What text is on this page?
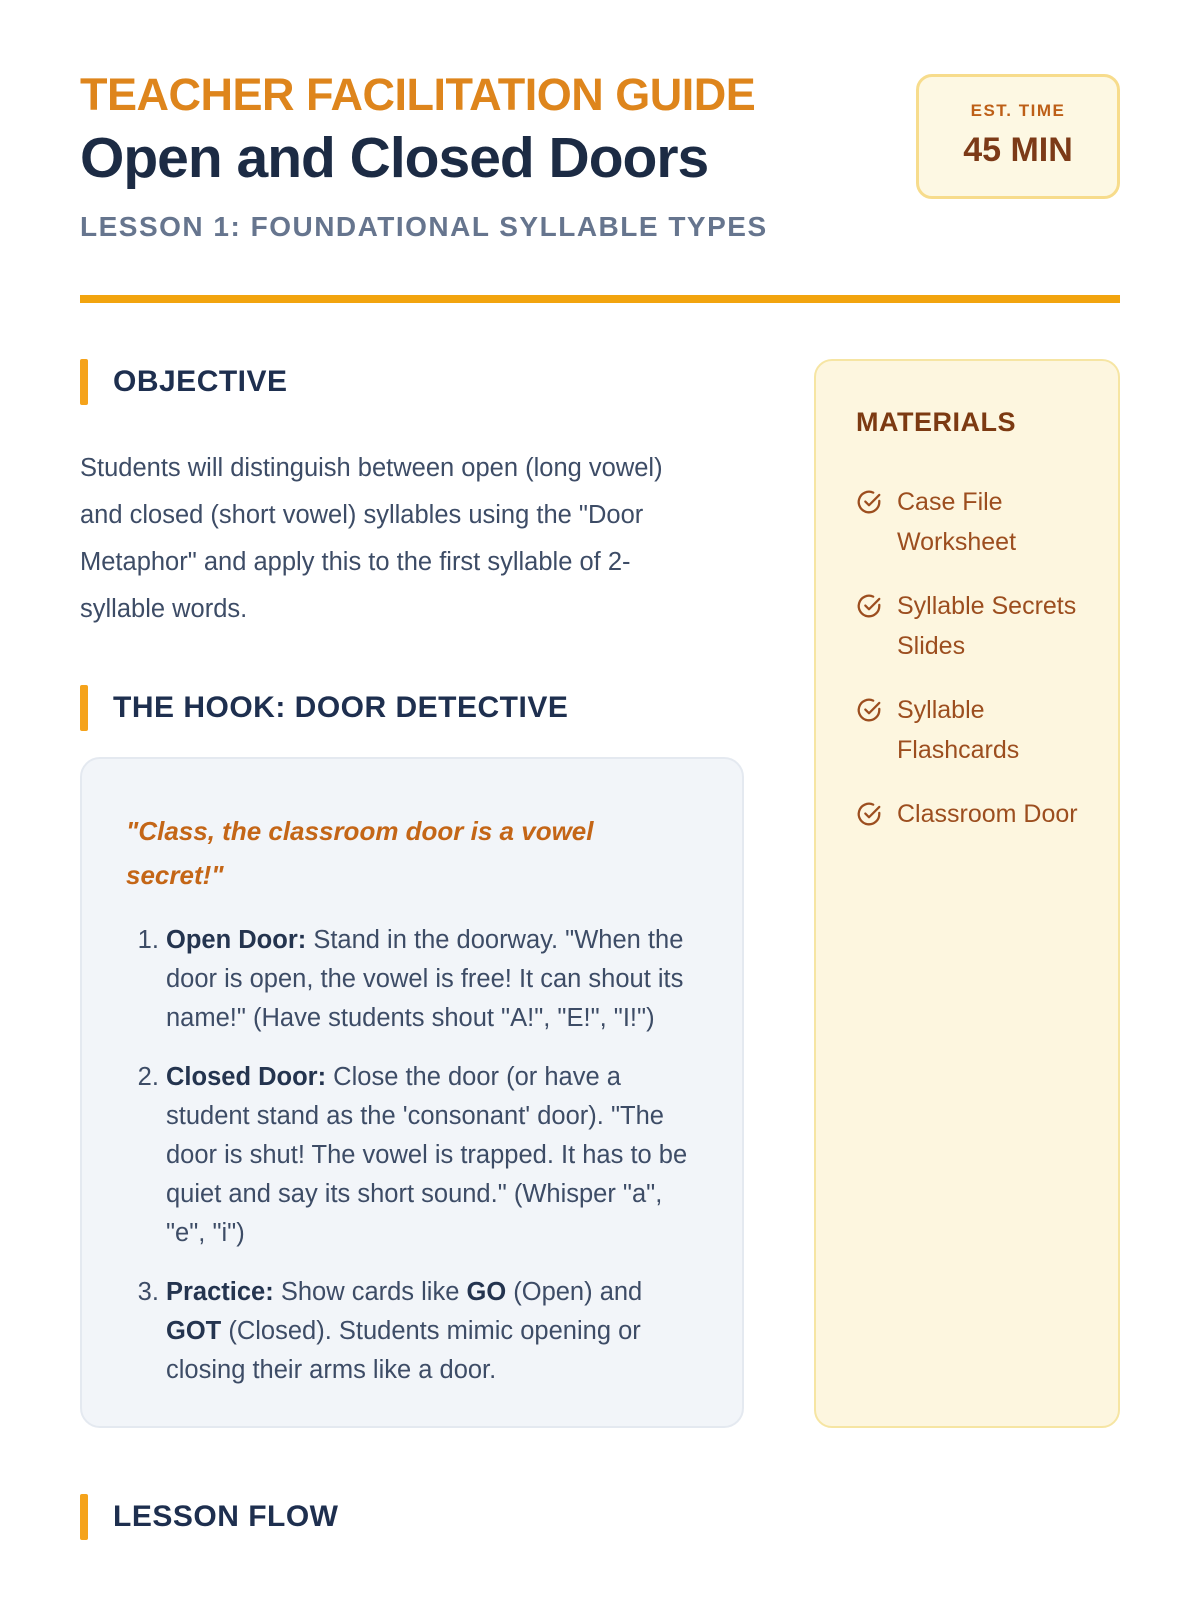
TEACHER FACILITATION GUIDE
Open and Closed Doors
LESSON 1: FOUNDATIONAL SYLLABLE TYPES
EST. TIME
45 MIN
OBJECTIVE

Students will distinguish between open (long vowel) and closed (short vowel) syllables using the "Door Metaphor" and apply this to the first syllable of 2-syllable words.

THE HOOK: DOOR DETECTIVE

"Class, the classroom door is a vowel secret!"

1. Open Door: Stand in the doorway. "When the door is open, the vowel is free! It can shout its name!" (Have students shout "A!", "E!", "I!")
2. Closed Door: Close the door (or have a student stand as the 'consonant' door). "The door is shut! The vowel is trapped. It has to be quiet and say its short sound." (Whisper "a", "e", "i")
3. Practice: Show cards like GO (Open) and GOT (Closed). Students mimic opening or closing their arms like a door.
MATERIALS
Case File Worksheet
Syllable Secrets Slides
Syllable Flashcards
Classroom Door
LESSON FLOW
